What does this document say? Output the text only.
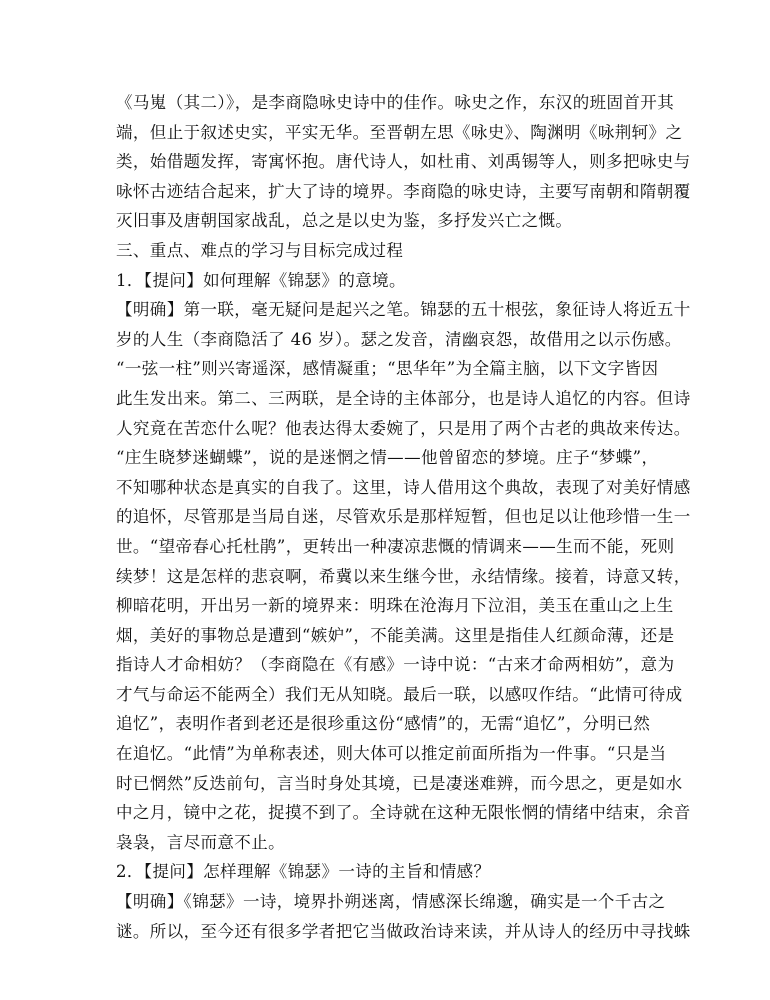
《马嵬（其二）》，是李商隐咏史诗中的佳作。咏史之作，东汉的班固首开其
端，但止于叙述史实，平实无华。至晋朝左思《咏史》、陶渊明《咏荆轲》之
类，始借题发挥，寄寓怀抱。唐代诗人，如杜甫、刘禹锡等人，则多把咏史与
咏怀古迹结合起来，扩大了诗的境界。李商隐的咏史诗，主要写南朝和隋朝覆
灭旧事及唐朝国家战乱，总之是以史为鉴，多抒发兴亡之慨。
三、重点、难点的学习与目标完成过程
1．【提问】如何理解《锦瑟》的意境。
【明确】第一联，毫无疑问是起兴之笔。锦瑟的五十根弦，象征诗人将近五十
岁的人生（李商隐活了 46 岁）。瑟之发音，清幽哀怨，故借用之以示伤感。
“一弦一柱”则兴寄遥深，感情凝重；“思华年”为全篇主脑，以下文字皆因
此生发出来。第二、三两联，是全诗的主体部分，也是诗人追忆的内容。但诗
人究竟在苦恋什么呢？他表达得太委婉了，只是用了两个古老的典故来传达。
“庄生晓梦迷蝴蝶”，说的是迷惘之情——他曾留恋的梦境。庄子“梦蝶”，
不知哪种状态是真实的自我了。这里，诗人借用这个典故，表现了对美好情感
的追怀，尽管那是当局自迷，尽管欢乐是那样短暂，但也足以让他珍惜一生一
世。“望帝春心托杜鹃”，更转出一种凄凉悲慨的情调来——生而不能，死则
续梦！这是怎样的悲哀啊，希冀以来生继今世，永结情缘。接着，诗意又转，
柳暗花明，开出另一新的境界来：明珠在沧海月下泣泪，美玉在重山之上生
烟，美好的事物总是遭到“嫉妒”，不能美满。这里是指佳人红颜命薄，还是
指诗人才命相妨？（李商隐在《有感》一诗中说：“古来才命两相妨”，意为
才气与命运不能两全）我们无从知晓。最后一联，以感叹作结。“此情可待成
追忆”，表明作者到老还是很珍重这份“感情”的，无需“追忆”，分明已然
在追忆。“此情”为单称表述，则大体可以推定前面所指为一件事。“只是当
时已惘然”反迭前句，言当时身处其境，已是凄迷难辨，而今思之，更是如水
中之月，镜中之花，捉摸不到了。全诗就在这种无限怅惘的情绪中结束，余音
袅袅，言尽而意不止。
2．【提问】怎样理解《锦瑟》一诗的主旨和情感？
【明确】《锦瑟》一诗，境界扑朔迷离，情感深长绵邈，确实是一个千古之
谜。所以，至今还有很多学者把它当做政治诗来读，并从诗人的经历中寻找蛛
